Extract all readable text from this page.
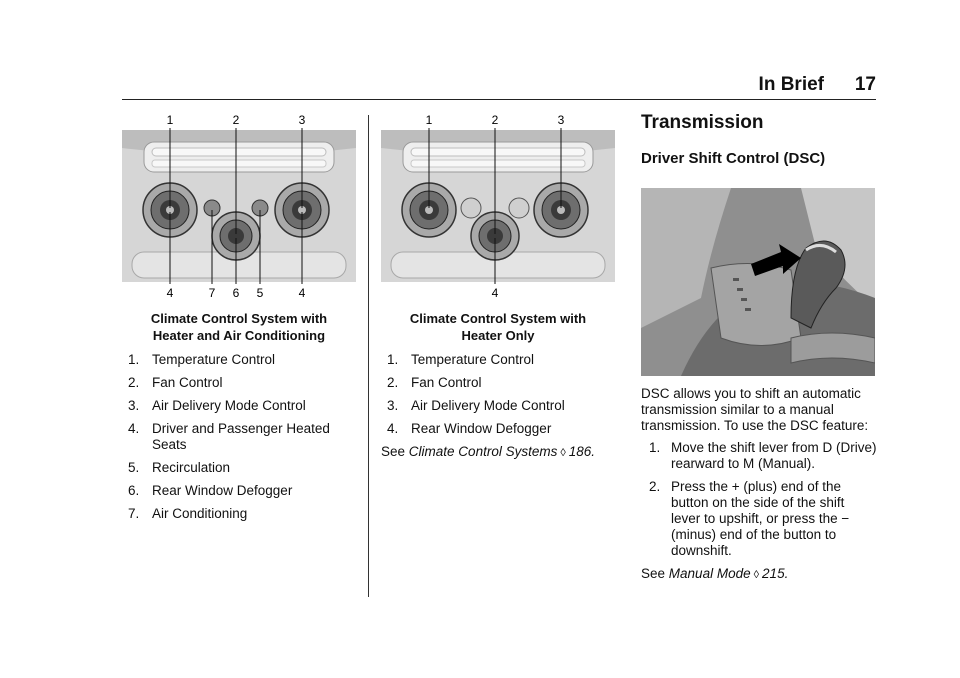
In Brief 17
1	2	3
4	7 6 5	4
Climate Control System with
Heater and Air Conditioning
1. Temperature Control
2. Fan Control
3. Air Delivery Mode Control
4. Driver and Passenger Heated Seats
5. Recirculation
6. Rear Window Defogger
7. Air Conditioning
1	2	3
4
Climate Control System with
Heater Only
1. Temperature Control
2. Fan Control
3. Air Delivery Mode Control
4. Rear Window Defogger
See Climate Control Systems ◊ 186.
Transmission
Driver Shift Control (DSC)
DSC allows you to shift an automatic transmission similar to a manual transmission. To use the DSC feature:
1. Move the shift lever from D (Drive) rearward to M (Manual).
2. Press the + (plus) end of the button on the side of the shift lever to upshift, or press the − (minus) end of the button to downshift.
See Manual Mode ◊ 215.
